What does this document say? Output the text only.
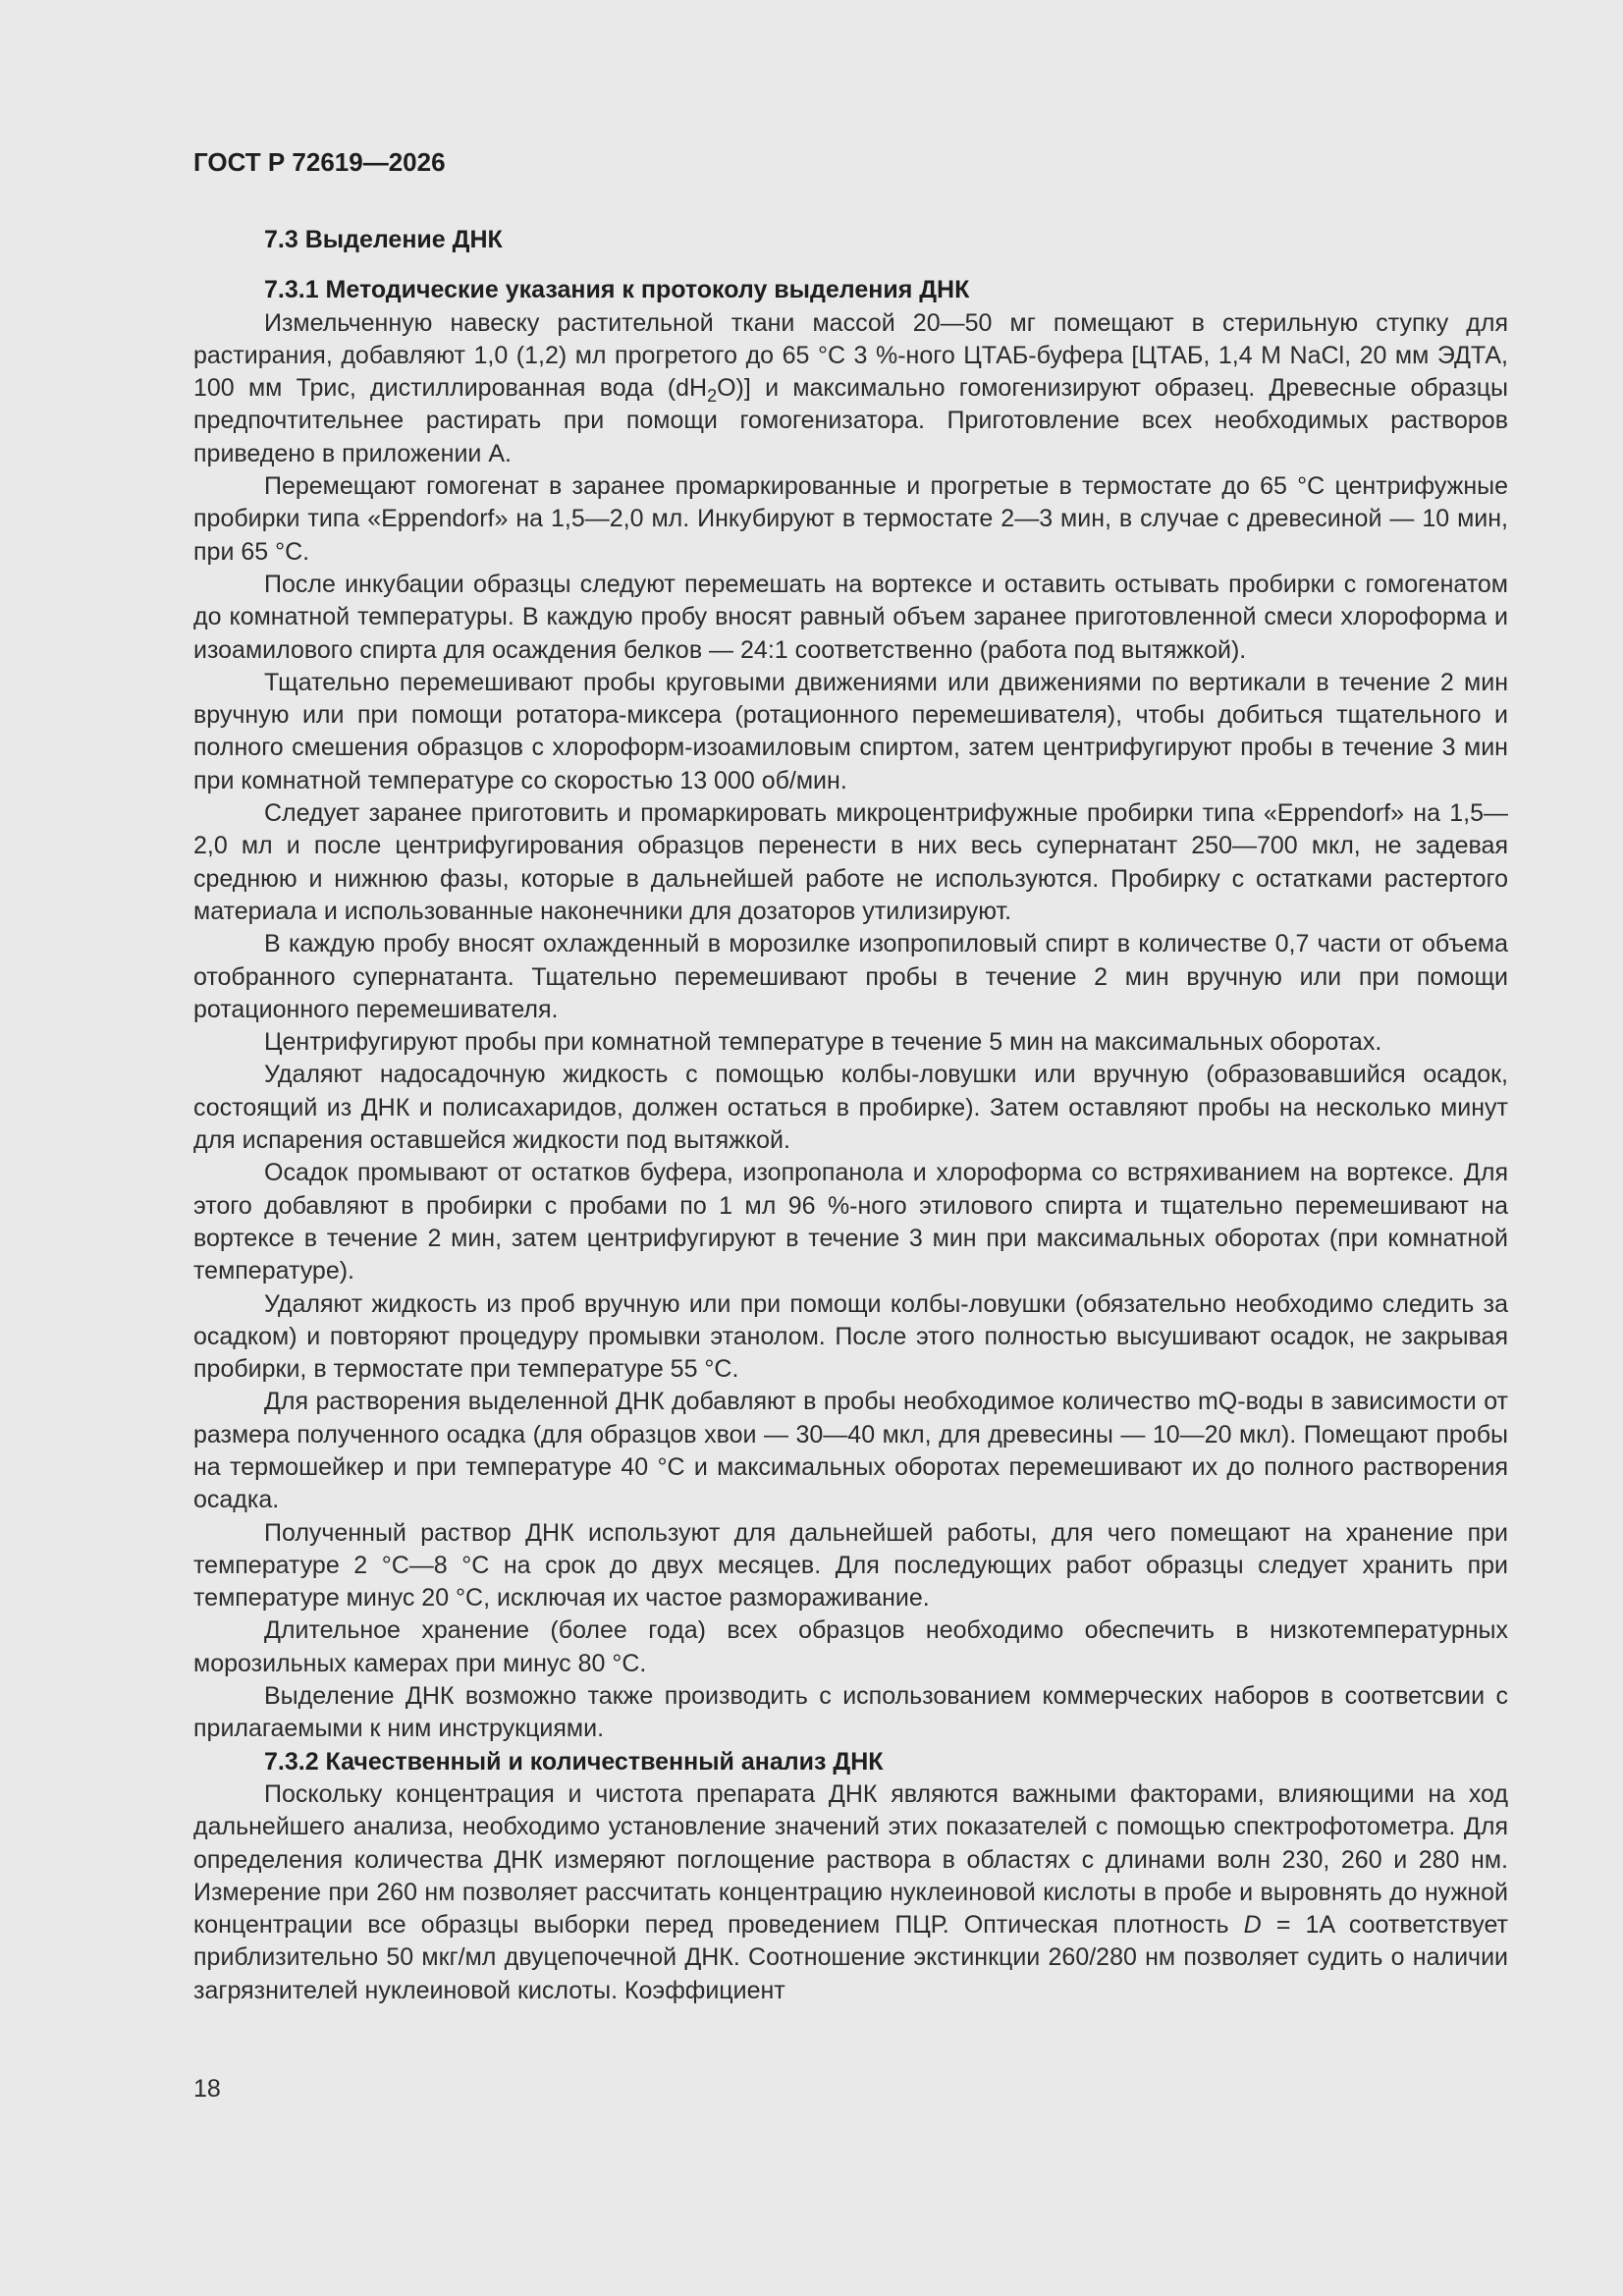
ГОСТ Р 72619—2026
7.3 Выделение ДНК
7.3.1 Методические указания к протоколу выделения ДНК

Измельченную навеску растительной ткани массой 20—50 мг помещают в стерильную ступку для растирания, добавляют 1,0 (1,2) мл прогретого до 65 °С 3 %-ного ЦТАБ-буфера [ЦТАБ, 1,4 М NaCl, 20 мм ЭДТА, 100 мм Трис, дистиллированная вода $(dH_2O)$] и максимально гомогенизируют образец. Древесные образцы предпочтительнее растирать при помощи гомогенизатора. Приготовление всех необходимых растворов приведено в приложении А.

Перемещают гомогенат в заранее промаркированные и прогретые в термостате до 65 °С центрифужные пробирки типа «Eppendorf» на 1,5—2,0 мл. Инкубируют в термостате 2—3 мин, в случае с древесиной — 10 мин, при 65 °С.

После инкубации образцы следуют перемешать на вортексе и оставить остывать пробирки с гомогенатом до комнатной температуры. В каждую пробу вносят равный объем заранее приготовленной смеси хлороформа и изоамилового спирта для осаждения белков — 24:1 соответственно (работа под вытяжкой).

Тщательно перемешивают пробы круговыми движениями или движениями по вертикали в течение 2 мин вручную или при помощи ротатора-миксера (ротационного перемешивателя), чтобы добиться тщательного и полного смешения образцов с хлороформ-изоамиловым спиртом, затем центрифугируют пробы в течение 3 мин при комнатной температуре со скоростью 13 000 об/мин.

Следует заранее приготовить и промаркировать микроцентрифужные пробирки типа «Eppendorf» на 1,5—2,0 мл и после центрифугирования образцов перенести в них весь супернатант 250—700 мкл, не задевая среднюю и нижнюю фазы, которые в дальнейшей работе не используются. Пробирку с остатками растертого материала и использованные наконечники для дозаторов утилизируют.

В каждую пробу вносят охлажденный в морозилке изопропиловый спирт в количестве 0,7 части от объема отобранного супернатанта. Тщательно перемешивают пробы в течение 2 мин вручную или при помощи ротационного перемешивателя.

Центрифугируют пробы при комнатной температуре в течение 5 мин на максимальных оборотах.

Удаляют надосадочную жидкость с помощью колбы-ловушки или вручную (образовавшийся осадок, состоящий из ДНК и полисахаридов, должен остаться в пробирке). Затем оставляют пробы на несколько минут для испарения оставшейся жидкости под вытяжкой.

Осадок промывают от остатков буфера, изопропанола и хлороформа со встряхиванием на вортексе. Для этого добавляют в пробирки с пробами по 1 мл 96 %-ного этилового спирта и тщательно перемешивают на вортексе в течение 2 мин, затем центрифугируют в течение 3 мин при максимальных оборотах (при комнатной температуре).

Удаляют жидкость из проб вручную или при помощи колбы-ловушки (обязательно необходимо следить за осадком) и повторяют процедуру промывки этанолом. После этого полностью высушивают осадок, не закрывая пробирки, в термостате при температуре 55 °С.

Для растворения выделенной ДНК добавляют в пробы необходимое количество mQ-воды в зависимости от размера полученного осадка (для образцов хвои — 30—40 мкл, для древесины — 10—20 мкл). Помещают пробы на термошейкер и при температуре 40 °С и максимальных оборотах перемешивают их до полного растворения осадка.

Полученный раствор ДНК используют для дальнейшей работы, для чего помещают на хранение при температуре 2 °С—8 °С на срок до двух месяцев. Для последующих работ образцы следует хранить при температуре минус 20 °С, исключая их частое размораживание.

Длительное хранение (более года) всех образцов необходимо обеспечить в низкотемпературных морозильных камерах при минус 80 °С.

Выделение ДНК возможно также производить с использованием коммерческих наборов в соответсвии с прилагаемыми к ним инструкциями.

7.3.2 Качественный и количественный анализ ДНК

Поскольку концентрация и чистота препарата ДНК являются важными факторами, влияющими на ход дальнейшего анализа, необходимо установление значений этих показателей с помощью спектрофотометра. Для определения количества ДНК измеряют поглощение раствора в областях с длинами волн 230, 260 и 280 нм. Измерение при 260 нм позволяет рассчитать концентрацию нуклеиновой кислоты в пробе и выровнять до нужной концентрации все образцы выборки перед проведением ПЦР. Оптическая плотность D = 1A соответствует приблизительно 50 мкг/мл двуцепочечной ДНК. Соотношение экстинкции 260/280 нм позволяет судить о наличии загрязнителей нуклеиновой кислоты. Коэффициент

18
